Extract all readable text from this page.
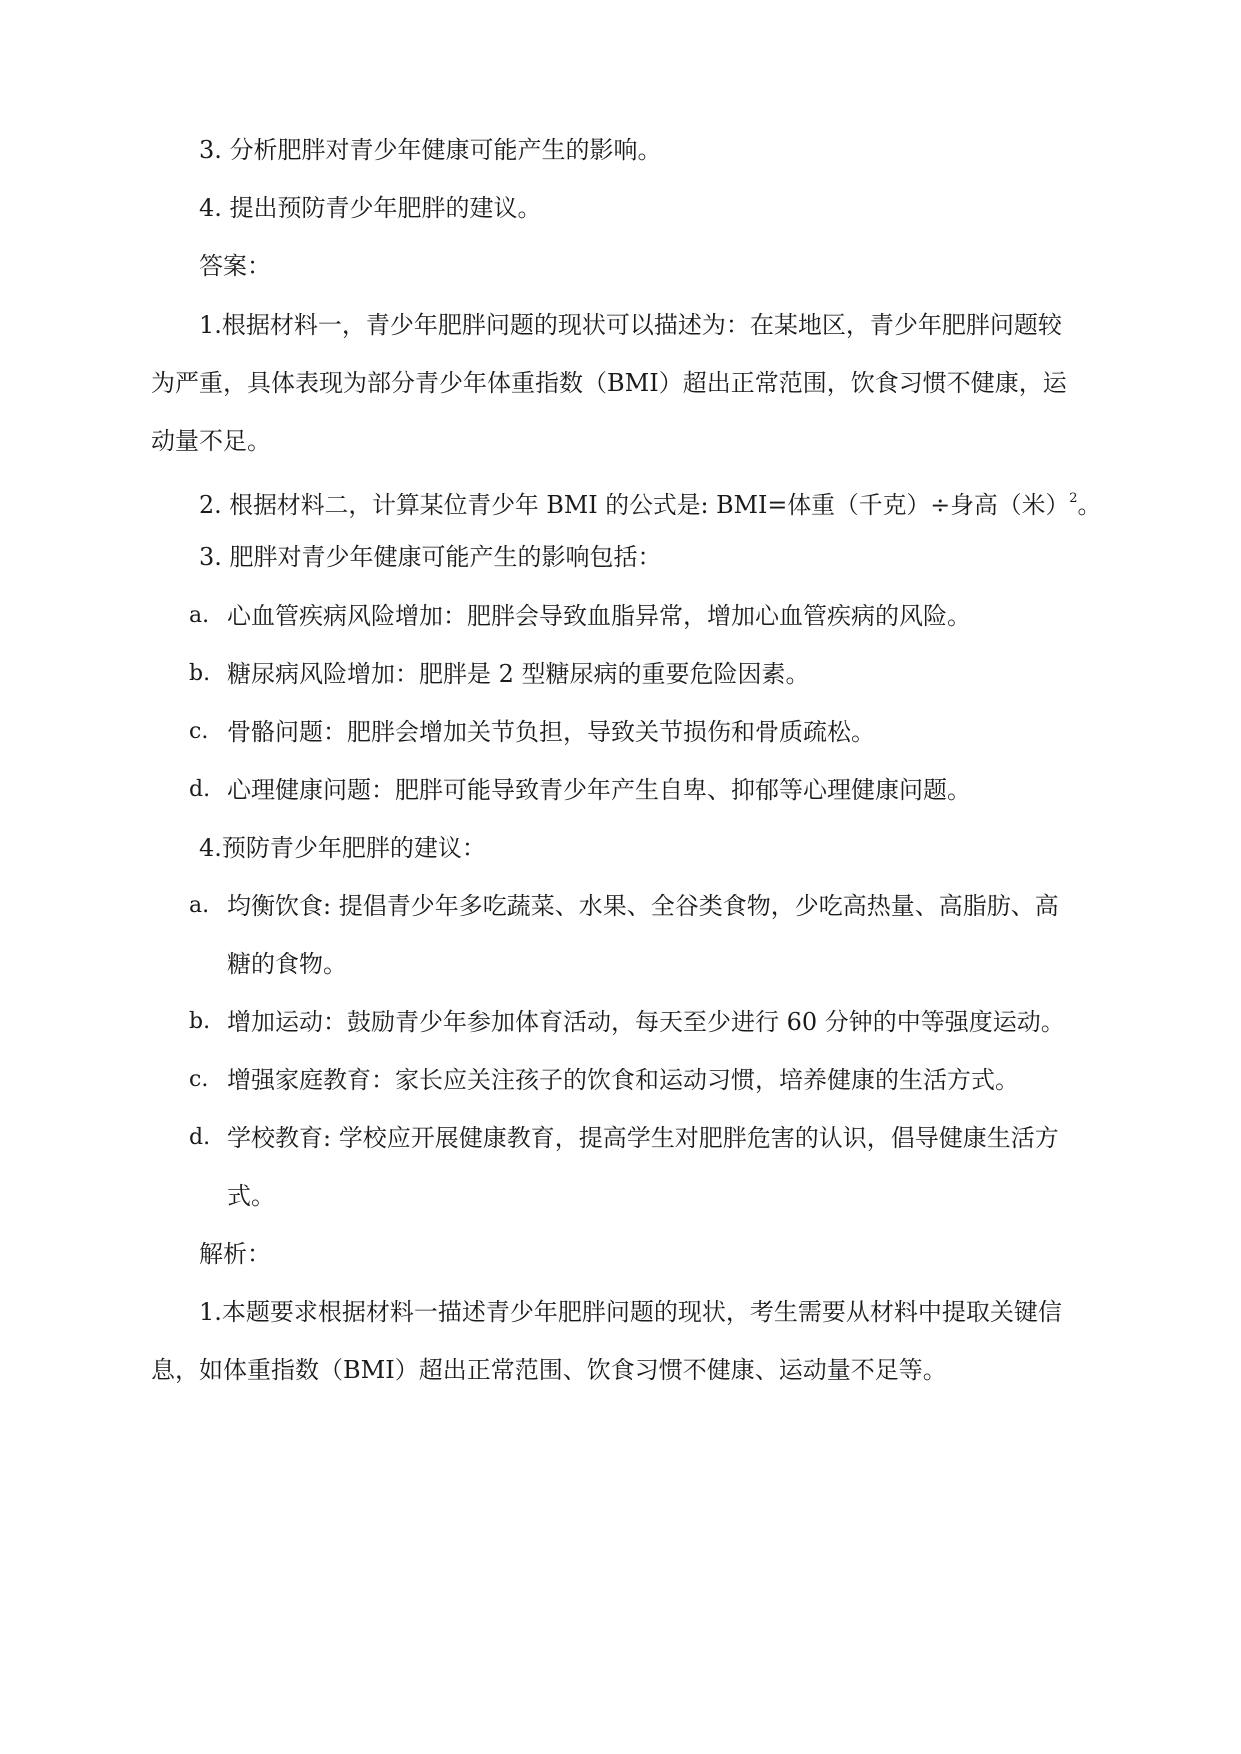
3. 分析肥胖对青少年健康可能产生的影响。
4. 提出预防青少年肥胖的建议。
答案：
1.根据材料一，青少年肥胖问题的现状可以描述为：在某地区，青少年肥胖问题较
为严重，具体表现为部分青少年体重指数（BMI）超出正常范围，饮食习惯不健康，运
动量不足。
2. 根据材料二，计算某位青少年 BMI 的公式是: BMI=体重（千克）÷身高（米）$^2$。
3. 肥胖对青少年健康可能产生的影响包括：
a. 心血管疾病风险增加：肥胖会导致血脂异常，增加心血管疾病的风险。
b. 糖尿病风险增加：肥胖是 2 型糖尿病的重要危险因素。
c. 骨骼问题：肥胖会增加关节负担，导致关节损伤和骨质疏松。
d. 心理健康问题：肥胖可能导致青少年产生自卑、抑郁等心理健康问题。
4.预防青少年肥胖的建议：
a. 均衡饮食: 提倡青少年多吃蔬菜、水果、全谷类食物，少吃高热量、高脂肪、高
糖的食物。
b. 增加运动：鼓励青少年参加体育活动，每天至少进行 60 分钟的中等强度运动。
c. 增强家庭教育：家长应关注孩子的饮食和运动习惯，培养健康的生活方式。
d. 学校教育: 学校应开展健康教育，提高学生对肥胖危害的认识，倡导健康生活方
式。
解析：
1.本题要求根据材料一描述青少年肥胖问题的现状，考生需要从材料中提取关键信
息，如体重指数（BMI）超出正常范围、饮食习惯不健康、运动量不足等。
